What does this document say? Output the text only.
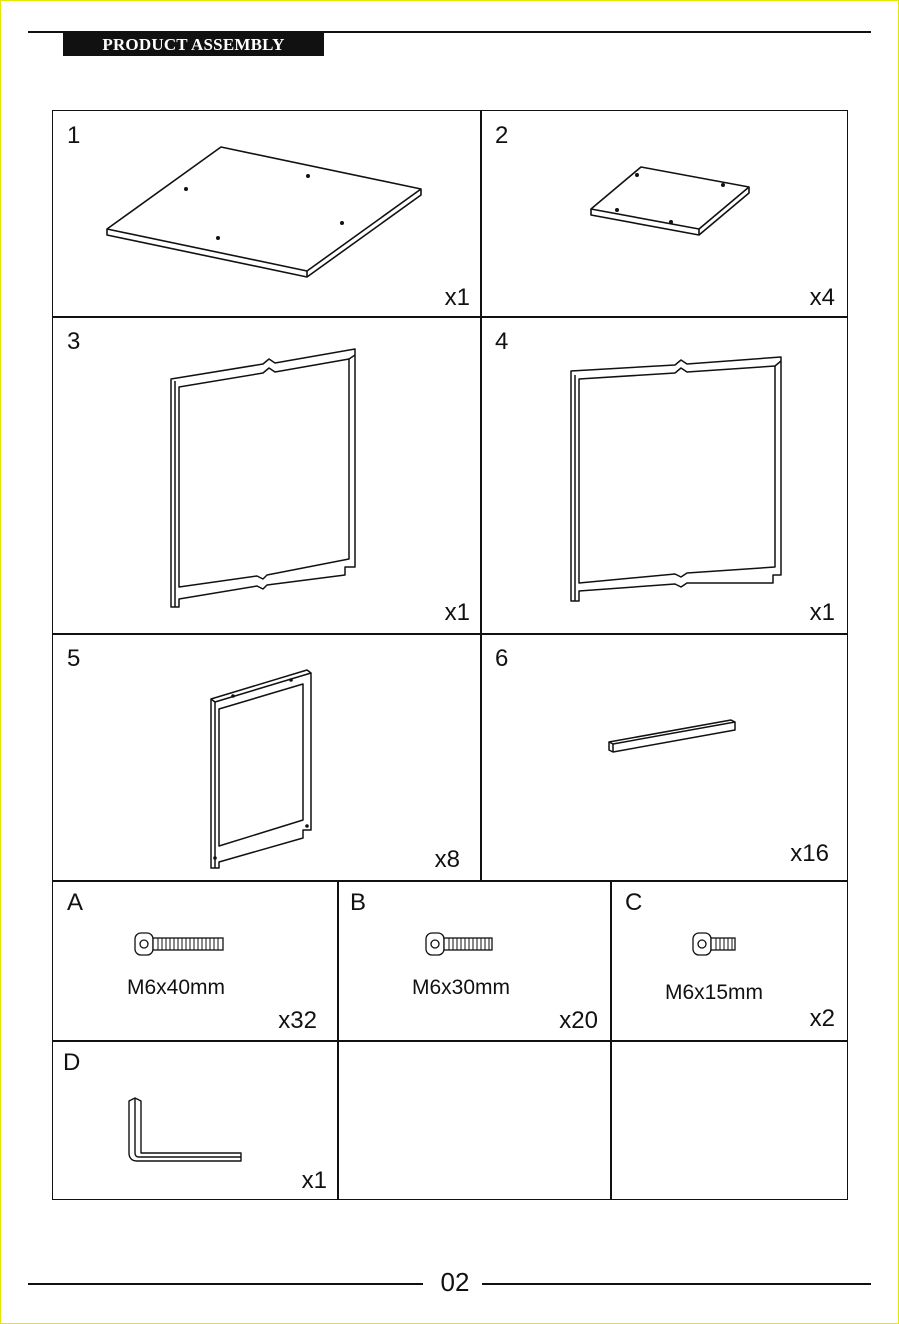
PRODUCT ASSEMBLY
1
x1
2
x4
3
x1
4
x1
5
x8
6
x16
A
M6x40mm
x32
B
M6x30mm
x20
C
M6x15mm
x2
D
x1
02
